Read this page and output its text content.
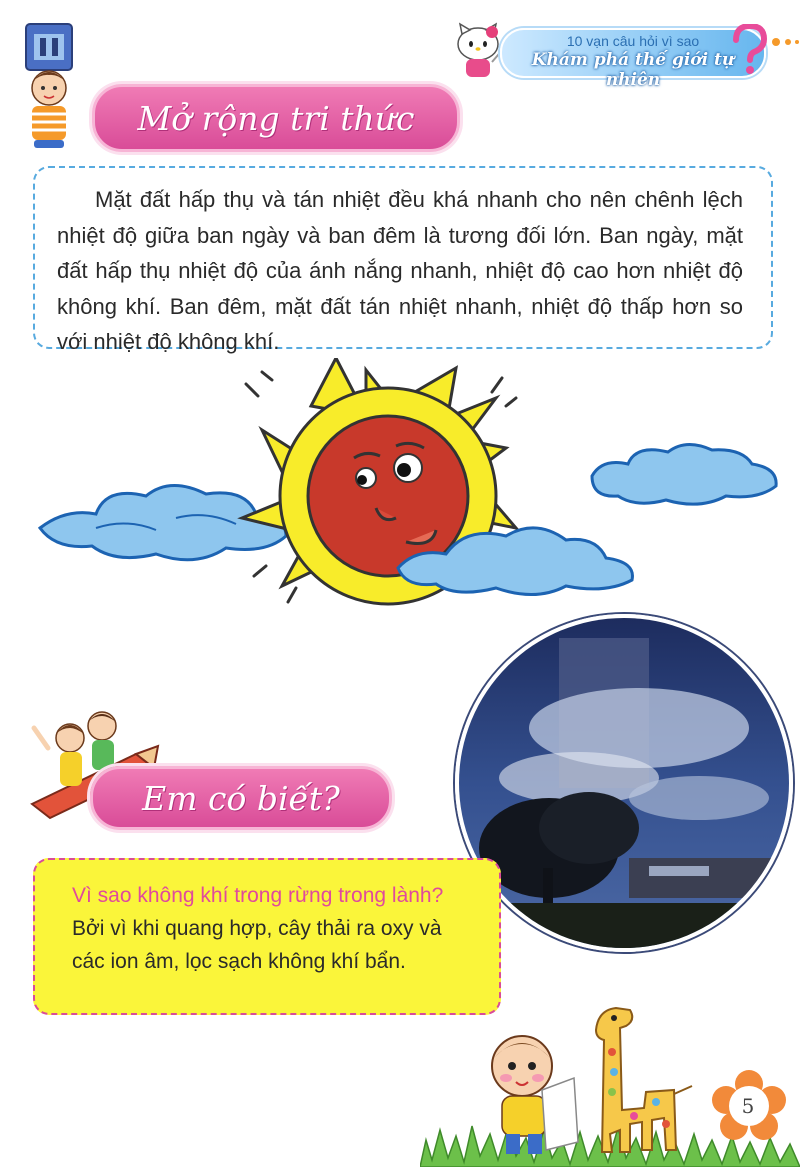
10 vạn câu hỏi vì sao
Khám phá thế giới tự nhiên
Mở rộng tri thức

Mặt đất hấp thụ và tán nhiệt đều khá nhanh cho nên chênh lệch nhiệt độ giữa ban ngày và ban đêm là tương đối lớn. Ban ngày, mặt đất hấp thụ nhiệt độ của ánh nắng nhanh, nhiệt độ cao hơn nhiệt độ không khí. Ban đêm, mặt đất tán nhiệt nhanh, nhiệt độ thấp hơn so với nhiệt độ không khí.

Em có biết?

Vì sao không khí trong rừng trong lành?

Bởi vì khi quang hợp, cây thải ra oxy và các ion âm, lọc sạch không khí bẩn.

5
